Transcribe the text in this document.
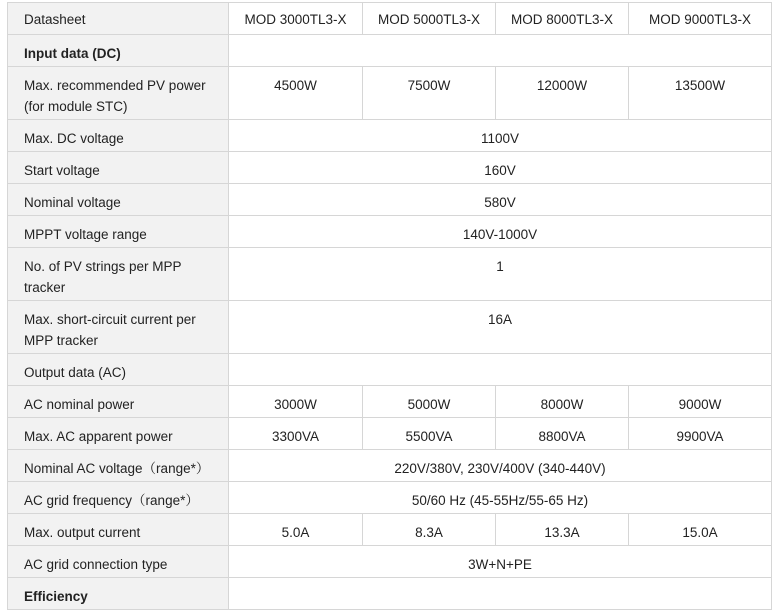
Datasheet	MOD 3000TL3-X	MOD 5000TL3-X	MOD 8000TL3-X	MOD 9000TL3-X
Input data (DC)				
Max. recommended PV power (for module STC)	4500W	7500W	12000W	13500W
Max. DC voltage	1100V			
Start voltage	160V			
Nominal voltage	580V			
MPPT voltage range	140V-1000V			
No. of PV strings per MPP tracker	1			
Max. short-circuit current per MPP tracker	16A			
Output data (AC)				
AC nominal power	3000W	5000W	8000W	9000W
Max. AC apparent power	3300VA	5500VA	8800VA	9900VA
Nominal AC voltage（range*）	220V/380V, 230V/400V (340-440V)			
AC grid frequency（range*）	50/60 Hz (45-55Hz/55-65 Hz)			
Max. output current	5.0A	8.3A	13.3A	15.0A
AC grid connection type	3W+N+PE			
Efficiency				
